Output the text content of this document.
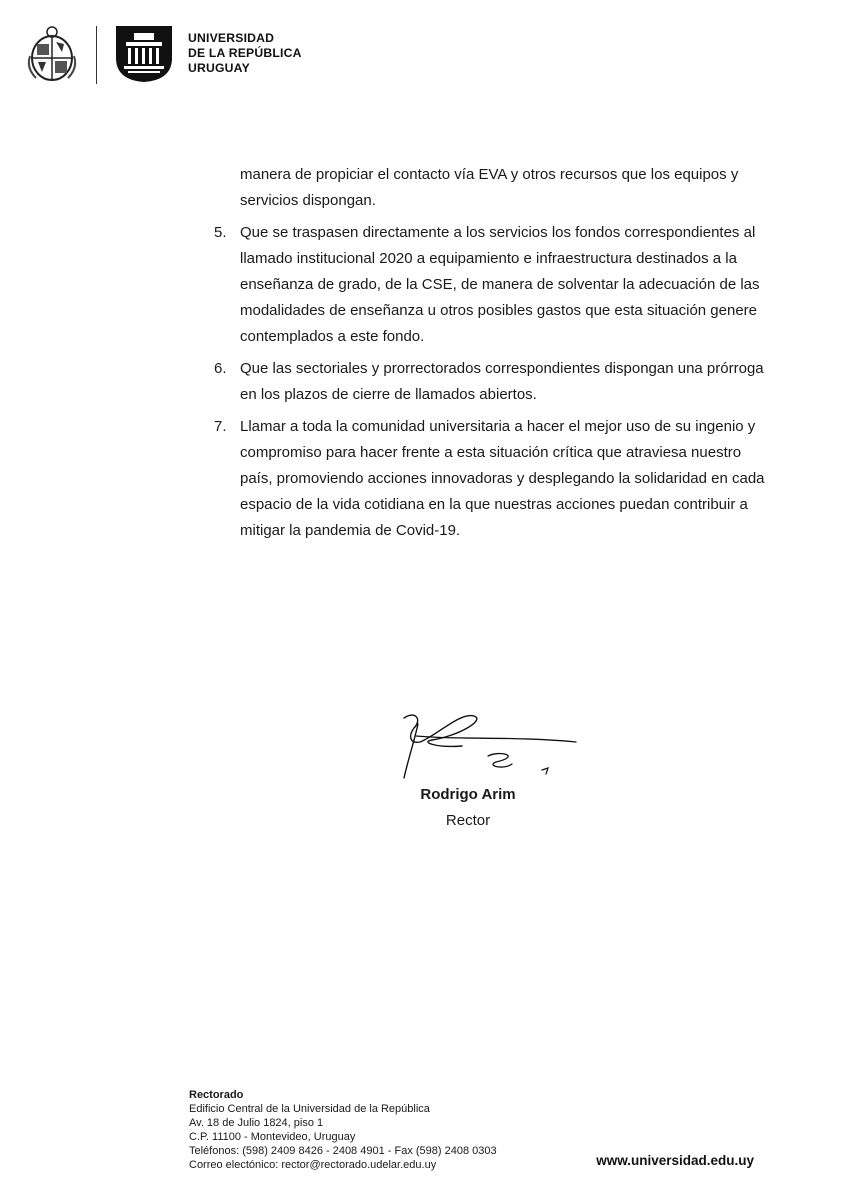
UNIVERSIDAD
DE LA REPÚBLICA
URUGUAY

manera de propiciar el contacto vía EVA y otros recursos que los equipos y servicios dispongan.

5. Que se traspasen directamente a los servicios los fondos correspondientes al llamado institucional 2020 a equipamiento e infraestructura destinados a la enseñanza de grado, de la CSE, de manera de solventar la adecuación de las modalidades de enseñanza u otros posibles gastos que esta situación genere contemplados a este fondo.
6. Que las sectoriales y prorrectorados correspondientes dispongan una prórroga en los plazos de cierre de llamados abiertos.
7. Llamar a toda la comunidad universitaria a hacer el mejor uso de su ingenio y compromiso para hacer frente a esta situación crítica que atraviesa nuestro país, promoviendo acciones innovadoras y desplegando la solidaridad en cada espacio de la vida cotidiana en la que nuestras acciones puedan contribuir a mitigar la pandemia de Covid-19.
Rodrigo Arim
Rector
Rectorado
Edificio Central de la Universidad de la República
Av. 18 de Julio 1824, piso 1
C.P. 11100 - Montevideo, Uruguay
Teléfonos: (598) 2409 8426 - 2408 4901 - Fax (598) 2408 0303
Correo electónico: rector@rectorado.udelar.edu.uy	www.universidad.edu.uy
